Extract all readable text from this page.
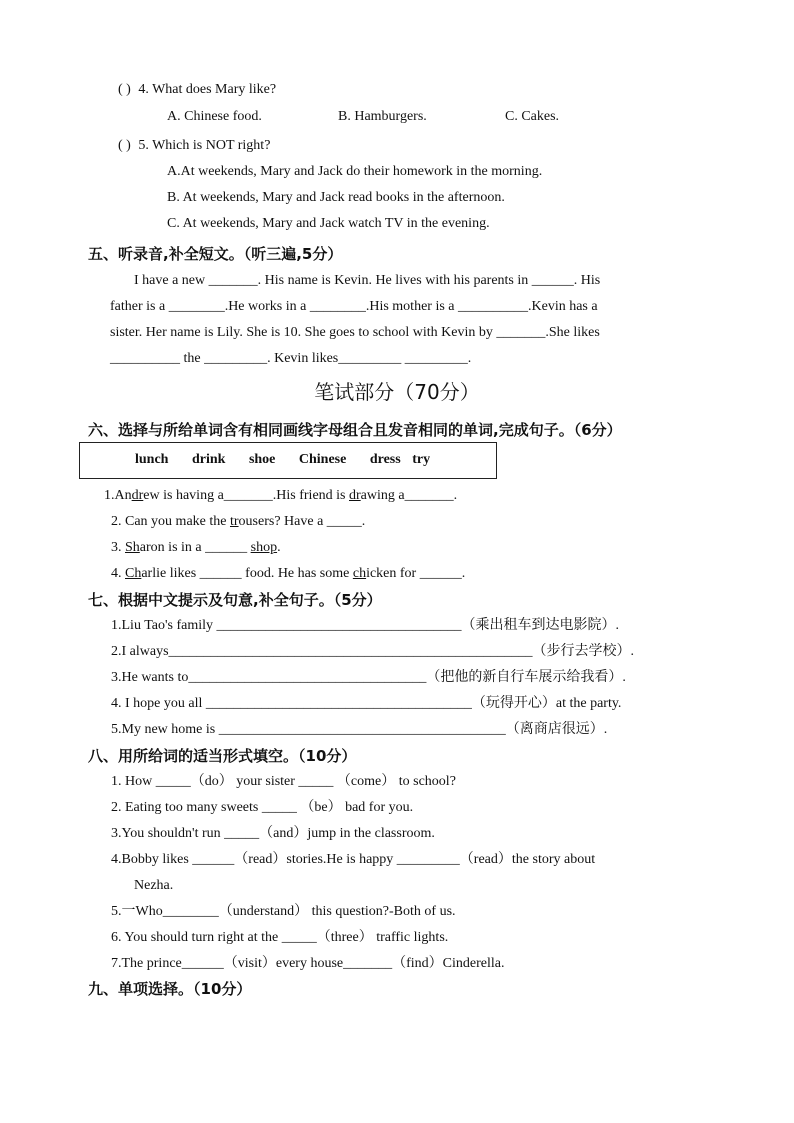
( ) 4. What does Mary like?
A. Chinese food.	B. Hamburgers.	C. Cakes.
( ) 5. Which is NOT right?
A.At weekends, Mary and Jack do their homework in the morning.
B. At weekends, Mary and Jack read books in the afternoon.
C. At weekends, Mary and Jack watch TV in the evening.
五、听录音,补全短文。（听三遍,5分）
I have a new _______. His name is Kevin. He lives with his parents in ______. His
father is a ________.He works in a ________.His mother is a __________.Kevin has a
sister. Her name is Lily. She is 10. She goes to school with Kevin by _______.She likes
__________ the _________. Kevin likes_________ _________.
笔试部分（70分）
六、选择与所给单词含有相同画线字母组合且发音相同的单词,完成句子。（6分）
lunch drink shoe Chinese dress try
1.Andrew is having a_______.His friend is drawing a_______.
2. Can you make the trousers? Have a _____.
3. Sharon is in a ______ shop.
4. Charlie likes ______ food. He has some chicken for ______.
七、根据中文提示及句意,补全句子。（5分）
1.Liu Tao's family ___________________________________（乘出租车到达电影院）.
2.I always____________________________________________________（步行去学校）.
3.He wants to__________________________________（把他的新自行车展示给我看）.
4. I hope you all ______________________________________（玩得开心）at the party.
5.My new home is _________________________________________（离商店很远）.
八、用所给词的适当形式填空。（10分）
1. How _____（do） your sister _____ （come） to school?
2. Eating too many sweets _____ （be） bad for you.
3.You shouldn't run _____（and）jump in the classroom.
4.Bobby likes ______（read）stories.He is happy _________（read）the story about
Nezha.
5.一Who________（understand） this question?-Both of us.
6. You should turn right at the _____（three） traffic lights.
7.The prince______（visit）every house_______（find）Cinderella.
九、单项选择。（10分）
